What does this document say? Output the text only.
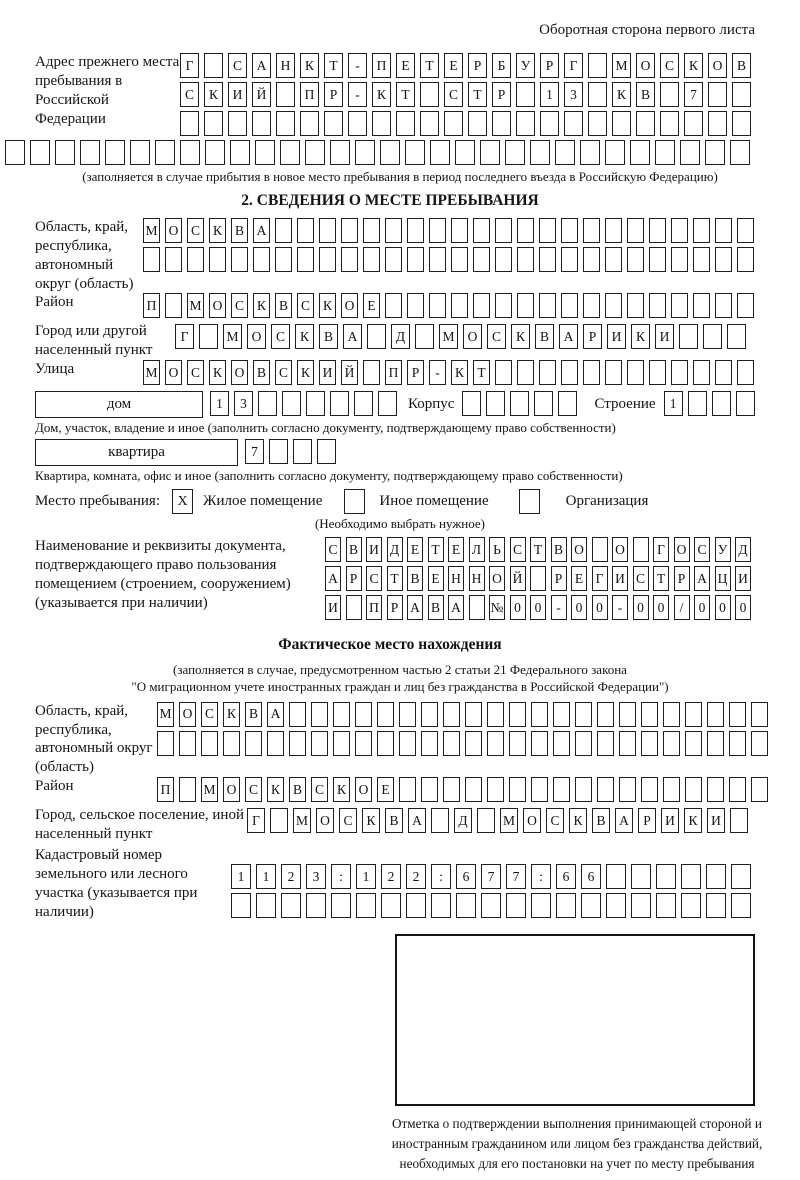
Оборотная сторона первого листа
Адрес прежнего места пребывания в Российской Федерации
Г	С	А	Н	К	Т	-	П	Е	Т	Е	Р	Б	У	Р	Г	М О	С	К	О	В
С	К	И	Й	П	Р	-	К	Т	С	Т	Р	1	3	К	В	7
(заполняется в случае прибытия в новое место пребывания в период последнего въезда в Российскую Федерацию)
2. СВЕДЕНИЯ О МЕСТЕ ПРЕБЫВАНИЯ
Область, край, республика, автономный округ (область)
М О С К В А
Район	П М О С К В С К О Е
Город или другой населенный пункт
Г	М О	С	К	В	А	Д	М О	С	К	В	А	Р	И	К	И
Улица	М О С К О В С К И Й	П Р	-	К Т
дом	1	3	Корпус	Строение	1
Дом, участок, владение и иное (заполнить согласно документу, подтверждающему право собственности)
квартира	7
Квартира, комната, офис и иное (заполнить согласно документу, подтверждающему право собственности)
Место пребывания:	X	Жилое помещение	Иное помещение	Организация
(Необходимо выбрать нужное)
Наименование и реквизиты документа, подтверждающего право пользования помещением (строением, сооружением) (указывается при наличии)
С В И Д Е Т Е Л Ь С Т В О О	Г О С У Д
А Р С Т В Е Н Н О Й	Р Е Г И С Т Р А Ц И
И П Р А В А № 0	0	-	0	0	-	0	0	/	0	0	0
Фактическое место нахождения
(заполняется в случае, предусмотренном частью 2 статьи 21 Федерального закона
"О миграционном учете иностранных граждан и лиц без гражданства в Российской Федерации")
Область, край, республика, автономный округ (область)
М О С К В А
Район	П М О С К В С К О Е
Город, сельское поселение, иной населенный пункт
Г	М О	С	К	В	А	Д	М О	С	К	В	А	Р	И	К	И
Кадастровый номер земельного или лесного участка (указывается при наличии)
1	1	2	3	:	1	2	2	:	6	7	7	:	6	6
Отметка о подтверждении выполнения принимающей стороной и иностранным гражданином или лицом без гражданства действий, необходимых для его постановки на учет по месту пребывания
